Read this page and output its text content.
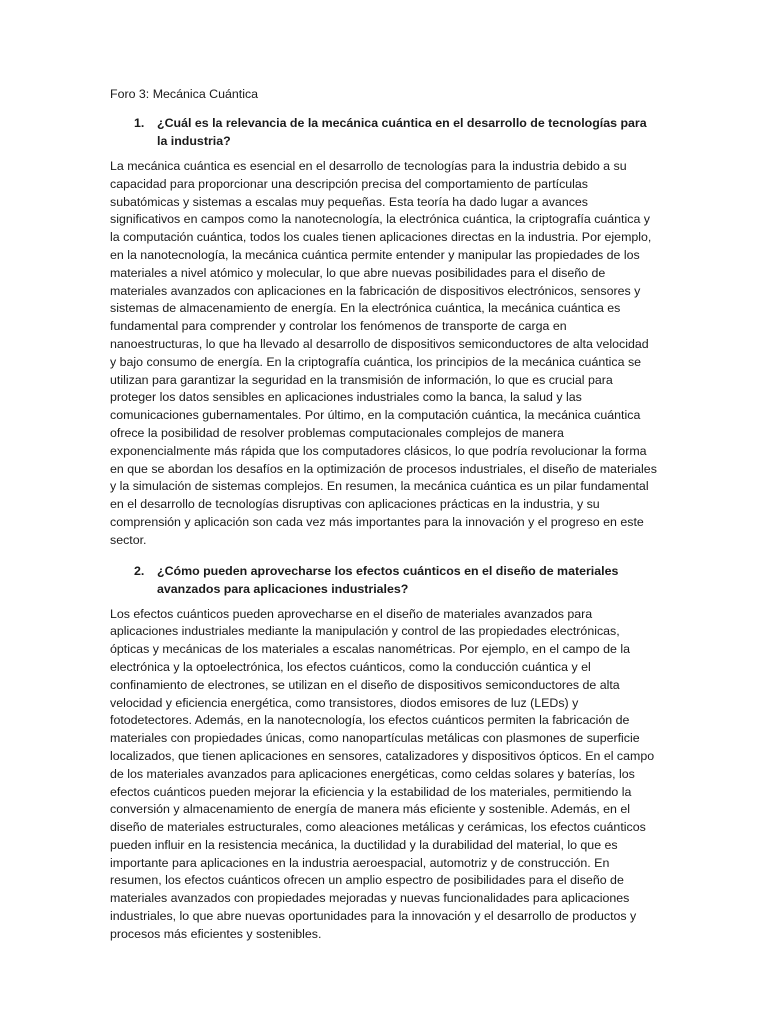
Foro 3: Mecánica Cuántica

1.	¿Cuál es la relevancia de la mecánica cuántica en el desarrollo de tecnologías para la industria?

La mecánica cuántica es esencial en el desarrollo de tecnologías para la industria debido a su capacidad para proporcionar una descripción precisa del comportamiento de partículas subatómicas y sistemas a escalas muy pequeñas. Esta teoría ha dado lugar a avances significativos en campos como la nanotecnología, la electrónica cuántica, la criptografía cuántica y la computación cuántica, todos los cuales tienen aplicaciones directas en la industria. Por ejemplo, en la nanotecnología, la mecánica cuántica permite entender y manipular las propiedades de los materiales a nivel atómico y molecular, lo que abre nuevas posibilidades para el diseño de materiales avanzados con aplicaciones en la fabricación de dispositivos electrónicos, sensores y sistemas de almacenamiento de energía. En la electrónica cuántica, la mecánica cuántica es fundamental para comprender y controlar los fenómenos de transporte de carga en nanoestructuras, lo que ha llevado al desarrollo de dispositivos semiconductores de alta velocidad y bajo consumo de energía. En la criptografía cuántica, los principios de la mecánica cuántica se utilizan para garantizar la seguridad en la transmisión de información, lo que es crucial para proteger los datos sensibles en aplicaciones industriales como la banca, la salud y las comunicaciones gubernamentales. Por último, en la computación cuántica, la mecánica cuántica ofrece la posibilidad de resolver problemas computacionales complejos de manera exponencialmente más rápida que los computadores clásicos, lo que podría revolucionar la forma en que se abordan los desafíos en la optimización de procesos industriales, el diseño de materiales y la simulación de sistemas complejos. En resumen, la mecánica cuántica es un pilar fundamental en el desarrollo de tecnologías disruptivas con aplicaciones prácticas en la industria, y su comprensión y aplicación son cada vez más importantes para la innovación y el progreso en este sector.

2.	¿Cómo pueden aprovecharse los efectos cuánticos en el diseño de materiales avanzados para aplicaciones industriales?

Los efectos cuánticos pueden aprovecharse en el diseño de materiales avanzados para aplicaciones industriales mediante la manipulación y control de las propiedades electrónicas, ópticas y mecánicas de los materiales a escalas nanométricas. Por ejemplo, en el campo de la electrónica y la optoelectrónica, los efectos cuánticos, como la conducción cuántica y el confinamiento de electrones, se utilizan en el diseño de dispositivos semiconductores de alta velocidad y eficiencia energética, como transistores, diodos emisores de luz (LEDs) y fotodetectores. Además, en la nanotecnología, los efectos cuánticos permiten la fabricación de materiales con propiedades únicas, como nanopartículas metálicas con plasmones de superficie localizados, que tienen aplicaciones en sensores, catalizadores y dispositivos ópticos. En el campo de los materiales avanzados para aplicaciones energéticas, como celdas solares y baterías, los efectos cuánticos pueden mejorar la eficiencia y la estabilidad de los materiales, permitiendo la conversión y almacenamiento de energía de manera más eficiente y sostenible. Además, en el diseño de materiales estructurales, como aleaciones metálicas y cerámicas, los efectos cuánticos pueden influir en la resistencia mecánica, la ductilidad y la durabilidad del material, lo que es importante para aplicaciones en la industria aeroespacial, automotriz y de construcción. En resumen, los efectos cuánticos ofrecen un amplio espectro de posibilidades para el diseño de materiales avanzados con propiedades mejoradas y nuevas funcionalidades para aplicaciones industriales, lo que abre nuevas oportunidades para la innovación y el desarrollo de productos y procesos más eficientes y sostenibles.
